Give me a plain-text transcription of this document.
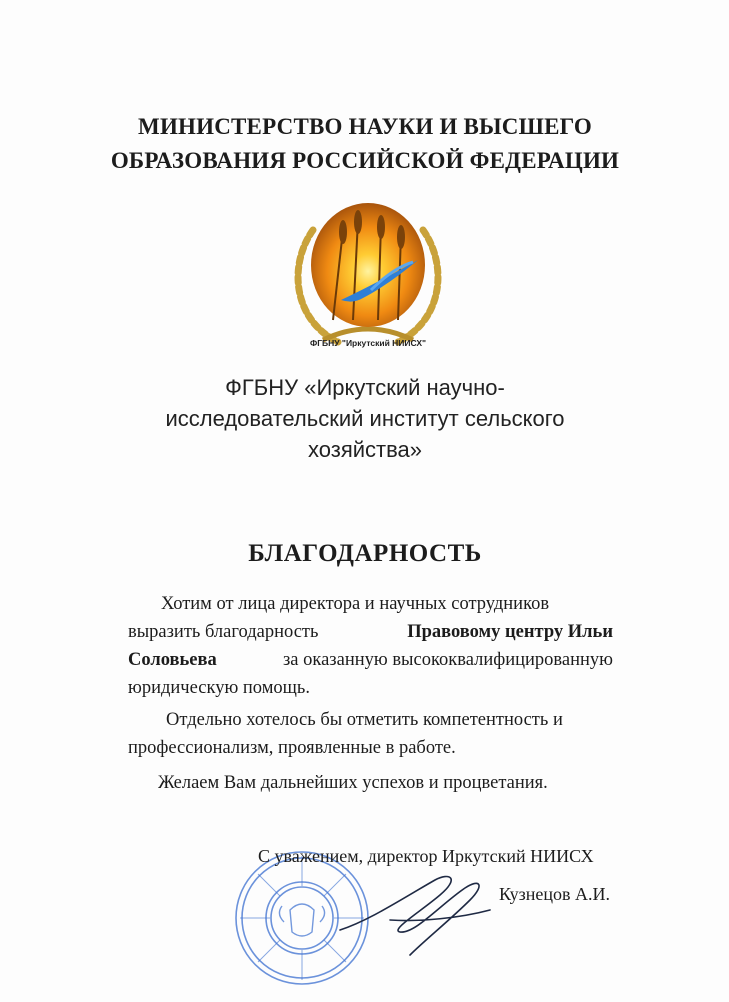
МИНИСТЕРСТВО НАУКИ И ВЫСШЕГО
ОБРАЗОВАНИЯ РОССИЙСКОЙ ФЕДЕРАЦИИ
ФГБНУ "Иркутский НИИСХ"
ФГБНУ «Иркутский научно-
исследовательский институт сельского
хозяйства»
БЛАГОДАРНОСТЬ
Хотим от лица директора и научных сотрудников
выразить благодарность	Правовому центру Ильи
Соловьева	за оказанную высококвалифицированную
юридическую помощь.
Отдельно хотелось бы отметить компетентность и
профессионализм, проявленные в работе.
Желаем Вам дальнейших успехов и процветания.
С уважением, директор Иркутский НИИСХ
Кузнецов А.И.
